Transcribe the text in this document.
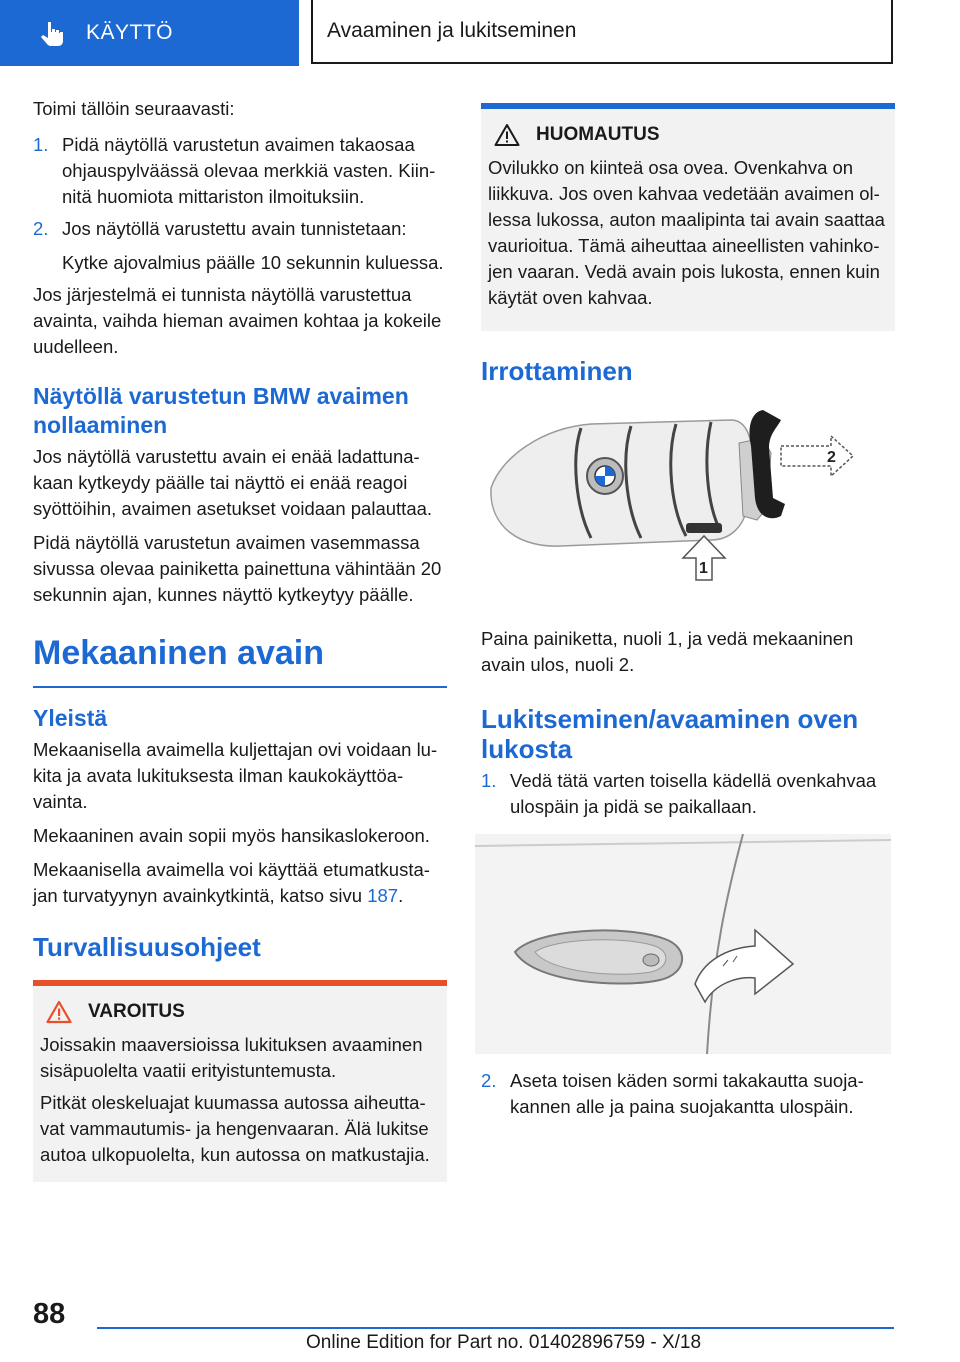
KÄYTTÖ	Avaaminen ja lukitseminen

Toimi tällöin seuraavasti:

1. Pidä näytöllä varustetun avaimen takaosaa ohjauspylväässä olevaa merkkiä vasten. Kiinnitä huomiota mittariston ilmoituksiin.
2. Jos näytöllä varustettu avain tunnistetaan:
Kytke ajovalmius päälle 10 sekunnin kuluessa.

Jos järjestelmä ei tunnista näytöllä varustettua avainta, vaihda hieman avaimen kohtaa ja kokeile uudelleen.

Näytöllä varustetun BMW avaimen nollaaminen

Jos näytöllä varustettu avain ei enää ladattunakaan kytkeydy päälle tai näyttö ei enää reagoi syöttöihin, avaimen asetukset voidaan palauttaa.

Pidä näytöllä varustetun avaimen vasemmassa sivussa olevaa painiketta painettuna vähintään 20 sekunnin ajan, kunnes näyttö kytkeytyy päälle.

Mekaaninen avain
Yleistä

Mekaanisella avaimella kuljettajan ovi voidaan lukita ja avata lukituksesta ilman kaukokäyttöavainta.

Mekaaninen avain sopii myös hansikaslokeroon.

Mekaanisella avaimella voi käyttää etumatkustajan turvatyynyn avainkytkintä, katso sivu 187.

Turvallisuusohjeet
VAROITUS

Joissakin maaversioissa lukituksen avaaminen sisäpuolelta vaatii erityistuntemusta.

Pitkät oleskeluajat kuumassa autossa aiheuttavat vammautumis- ja hengenvaaran. Älä lukitse autoa ulkopuolelta, kun autossa on matkustajia.

HUOMAUTUS

Ovilukko on kiinteä osa ovea. Ovenkahva on liikkuva. Jos oven kahvaa vedetään avaimen ollessa lukossa, auton maalipinta tai avain saattaa vaurioitua. Tämä aiheuttaa aineellisten vahinkojen vaaran. Vedä avain pois lukosta, ennen kuin käytät oven kahvaa.

Irrottaminen
2
1

Paina painiketta, nuoli 1, ja vedä mekaaninen avain ulos, nuoli 2.

Lukitseminen/avaaminen oven lukosta
1. Vedä tätä varten toisella kädellä ovenkahvaa ulospäin ja pidä se paikallaan.
2. Aseta toisen käden sormi takakautta suojakannen alle ja paina suojakantta ulospäin.
88
Online Edition for Part no. 01402896759 - X/18
